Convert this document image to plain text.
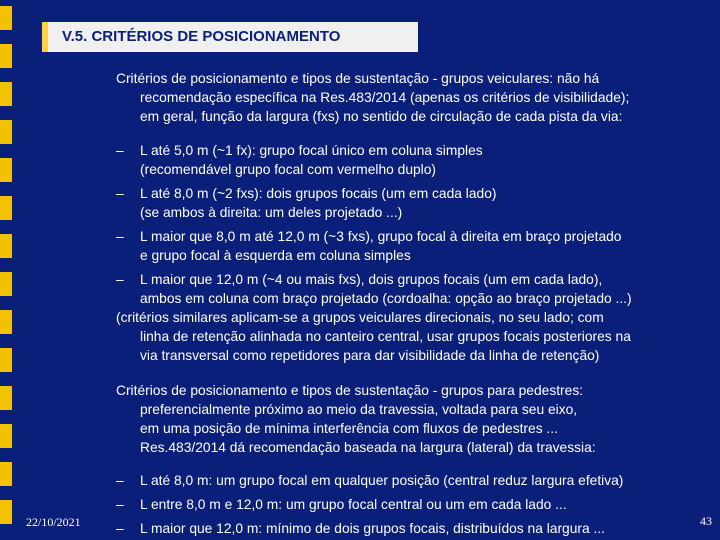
V.5. CRITÉRIOS DE POSICIONAMENTO

Critérios de posicionamento e tipos de sustentação - grupos veiculares: não há
recomendação específica na Res.483/2014 (apenas os critérios de visibilidade);
em geral, função da largura (fxs) no sentido de circulação de cada pista da via:

– L até 5,0 m (~1 fx): grupo focal único em coluna simples
(recomendável grupo focal com vermelho duplo)

– L até 8,0 m (~2 fxs): dois grupos focais (um em cada lado)
(se ambos à direita: um deles projetado ...)

– L maior que 8,0 m até 12,0 m (~3 fxs), grupo focal à direita em braço projetado
e grupo focal à esquerda em coluna simples

– L maior que 12,0 m (~4 ou mais fxs), dois grupos focais (um em cada lado),
ambos em coluna com braço projetado (cordoalha: opção ao braço projetado ...)

(critérios similares aplicam-se a grupos veiculares direcionais, no seu lado; com
linha de retenção alinhada no canteiro central, usar grupos focais posteriores na
via transversal como repetidores para dar visibilidade da linha de retenção)

Critérios de posicionamento e tipos de sustentação - grupos para pedestres:
preferencialmente próximo ao meio da travessia, voltada para seu eixo,
em uma posição de mínima interferência com fluxos de pedestres ...
Res.483/2014 dá recomendação baseada na largura (lateral) da travessia:

– L até 8,0 m: um grupo focal em qualquer posição (central reduz largura efetiva)

– L entre 8,0 m e 12,0 m: um grupo focal central ou um em cada lado ...

– L maior que 12,0 m: mínimo de dois grupos focais, distribuídos na largura ...

22/10/2021	43
